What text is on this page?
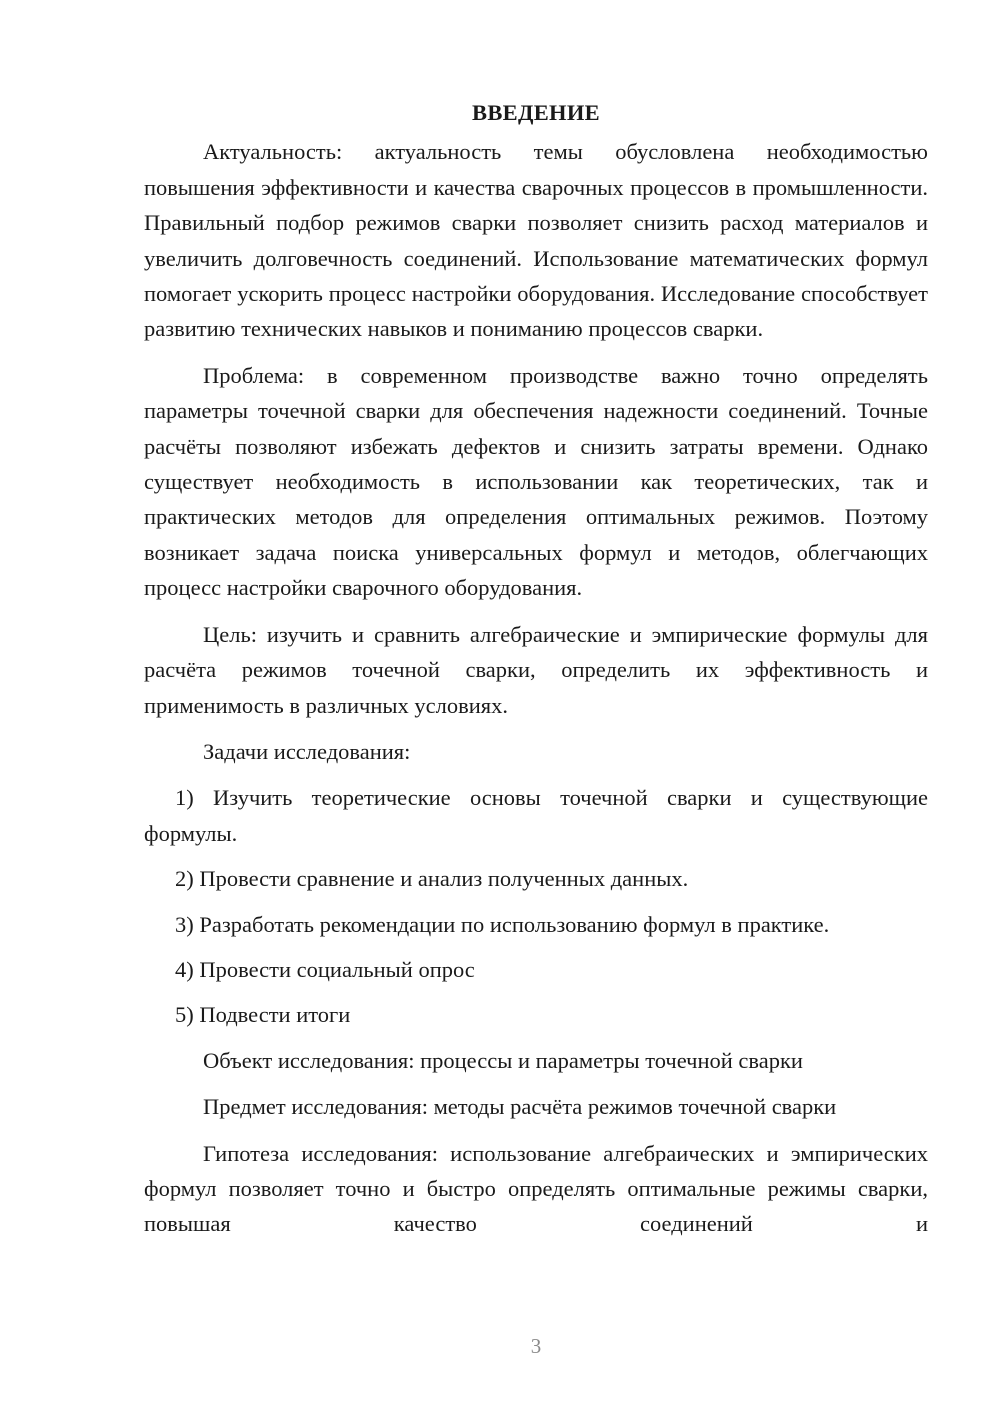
ВВЕДЕНИЕ

Актуальность: актуальность темы обусловлена необходимостью повышения эффективности и качества сварочных процессов в промышленности. Правильный подбор режимов сварки позволяет снизить расход материалов и увеличить долговечность соединений. Использование математических формул помогает ускорить процесс настройки оборудования. Исследование способствует развитию технических навыков и пониманию процессов сварки.

Проблема: в современном производстве важно точно определять параметры точечной сварки для обеспечения надежности соединений. Точные расчёты позволяют избежать дефектов и снизить затраты времени. Однако существует необходимость в использовании как теоретических, так и практических методов для определения оптимальных режимов. Поэтому возникает задача поиска универсальных формул и методов, облегчающих процесс настройки сварочного оборудования.

Цель: изучить и сравнить алгебраические и эмпирические формулы для расчёта режимов точечной сварки, определить их эффективность и применимость в различных условиях.

Задачи исследования:

1) Изучить теоретические основы точечной сварки и существующие формулы.

2) Провести сравнение и анализ полученных данных.

3) Разработать рекомендации по использованию формул в практике.

4) Провести социальный опрос

5) Подвести итоги

Объект исследования: процессы и параметры точечной сварки

Предмет исследования: методы расчёта режимов точечной сварки

Гипотеза исследования: использование алгебраических и эмпирических формул позволяет точно и быстро определять оптимальные режимы сварки, повышая качество соединений и

3
